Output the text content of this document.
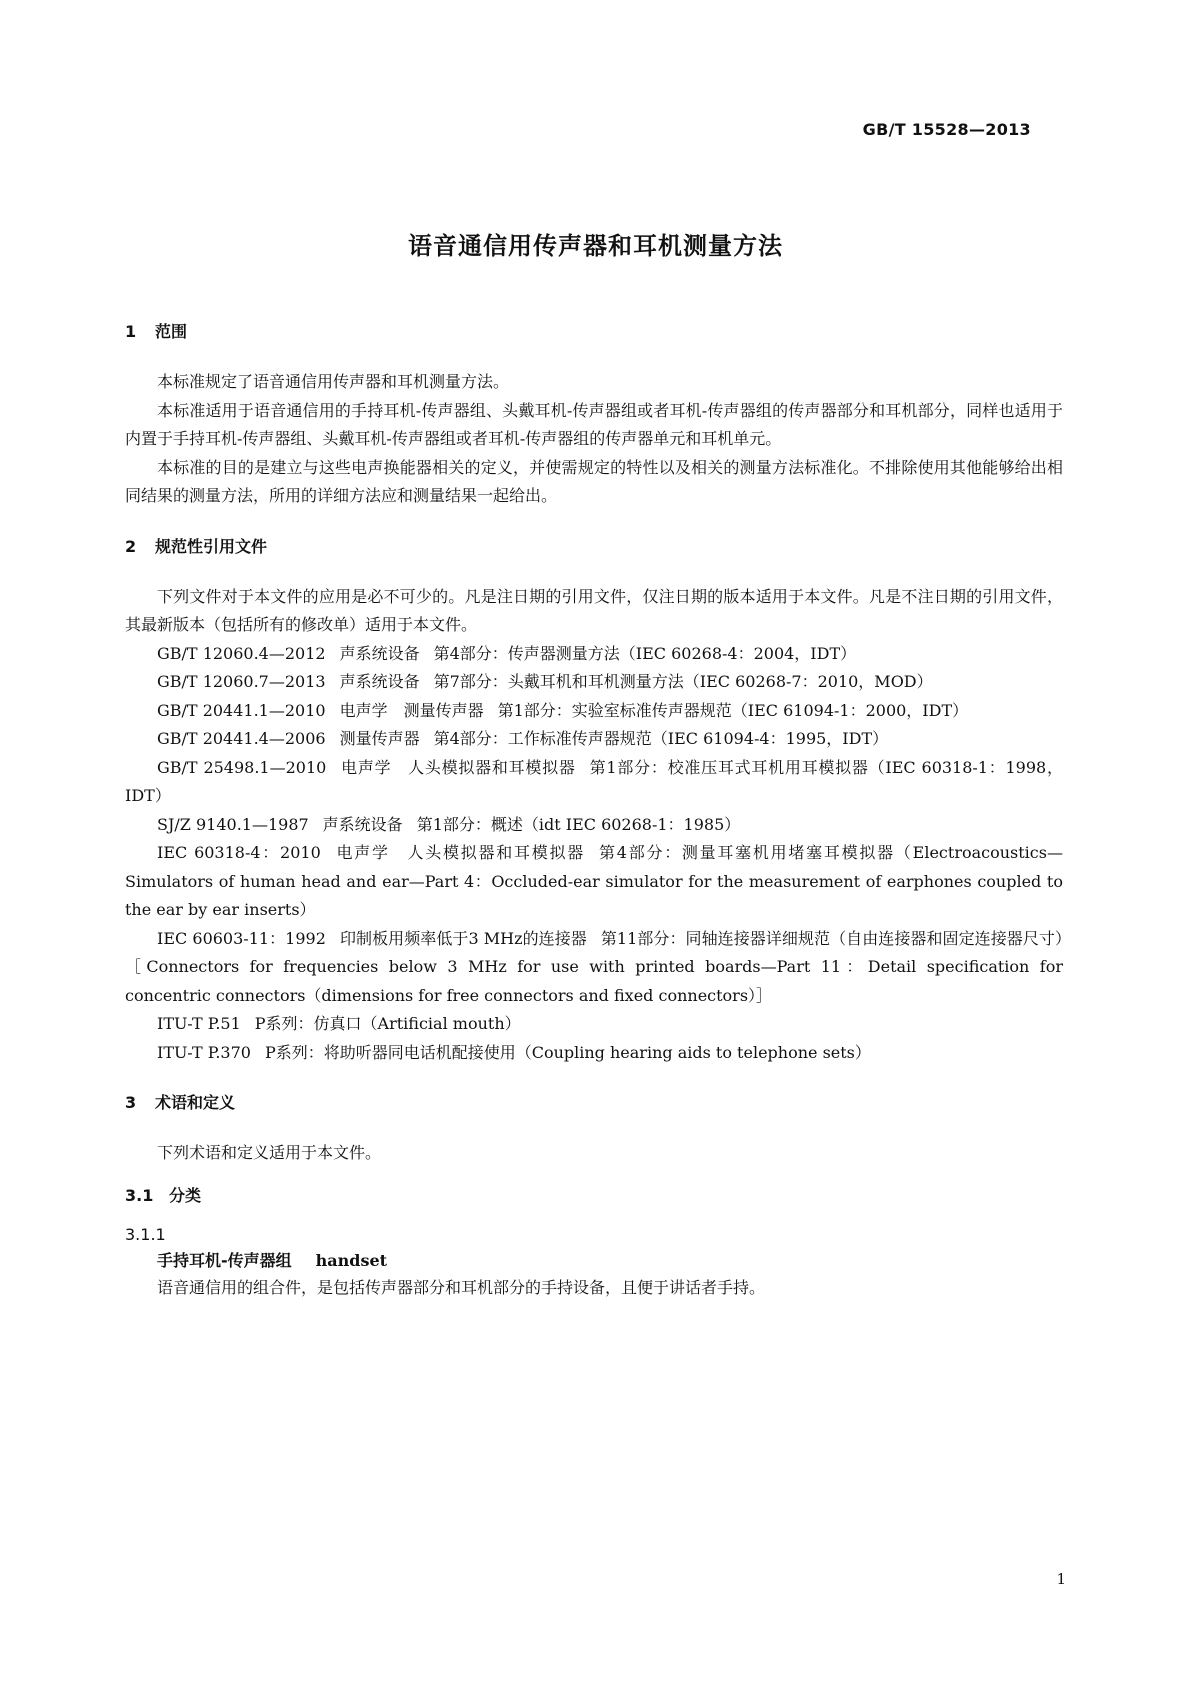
GB/T 15528—2013
语音通信用传声器和耳机测量方法
1 范围

本标准规定了语音通信用传声器和耳机测量方法。

本标准适用于语音通信用的手持耳机-传声器组、头戴耳机-传声器组或者耳机-传声器组的传声器部分和耳机部分，同样也适用于内置于手持耳机-传声器组、头戴耳机-传声器组或者耳机-传声器组的传声器单元和耳机单元。

本标准的目的是建立与这些电声换能器相关的定义，并使需规定的特性以及相关的测量方法标准化。不排除使用其他能够给出相同结果的测量方法，所用的详细方法应和测量结果一起给出。

2 规范性引用文件

下列文件对于本文件的应用是必不可少的。凡是注日期的引用文件，仅注日期的版本适用于本文件。凡是不注日期的引用文件，其最新版本（包括所有的修改单）适用于本文件。

GB/T 12060.4—2012 声系统设备 第4部分：传声器测量方法（IEC 60268-4：2004，IDT）

GB/T 12060.7—2013 声系统设备 第7部分：头戴耳机和耳机测量方法（IEC 60268-7：2010，MOD）

GB/T 20441.1—2010 电声学　测量传声器 第1部分：实验室标准传声器规范（IEC 61094-1：2000，IDT）

GB/T 20441.4—2006 测量传声器 第4部分：工作标准传声器规范（IEC 61094-4：1995，IDT）

GB/T 25498.1—2010 电声学　人头模拟器和耳模拟器 第1部分：校准压耳式耳机用耳模拟器（IEC 60318-1：1998，IDT）

SJ/Z 9140.1—1987 声系统设备 第1部分：概述（idt IEC 60268-1：1985）

IEC 60318-4：2010 电声学　人头模拟器和耳模拟器 第4部分：测量耳塞机用堵塞耳模拟器（Electroacoustics—Simulators of human head and ear—Part 4：Occluded-ear simulator for the measurement of earphones coupled to the ear by ear inserts）

IEC 60603-11：1992 印制板用频率低于3 MHz的连接器 第11部分：同轴连接器详细规范（自由连接器和固定连接器尺寸）［Connectors for frequencies below 3 MHz for use with printed boards—Part 11：Detail specification for concentric connectors（dimensions for free connectors and fixed connectors）］

ITU-T P.51 P系列：仿真口（Artificial mouth）

ITU-T P.370 P系列：将助听器同电话机配接使用（Coupling hearing aids to telephone sets）

3 术语和定义

下列术语和定义适用于本文件。

3.1 分类
3.1.1
手持耳机-传声器组 handset

语音通信用的组合件，是包括传声器部分和耳机部分的手持设备，且便于讲话者手持。

1
